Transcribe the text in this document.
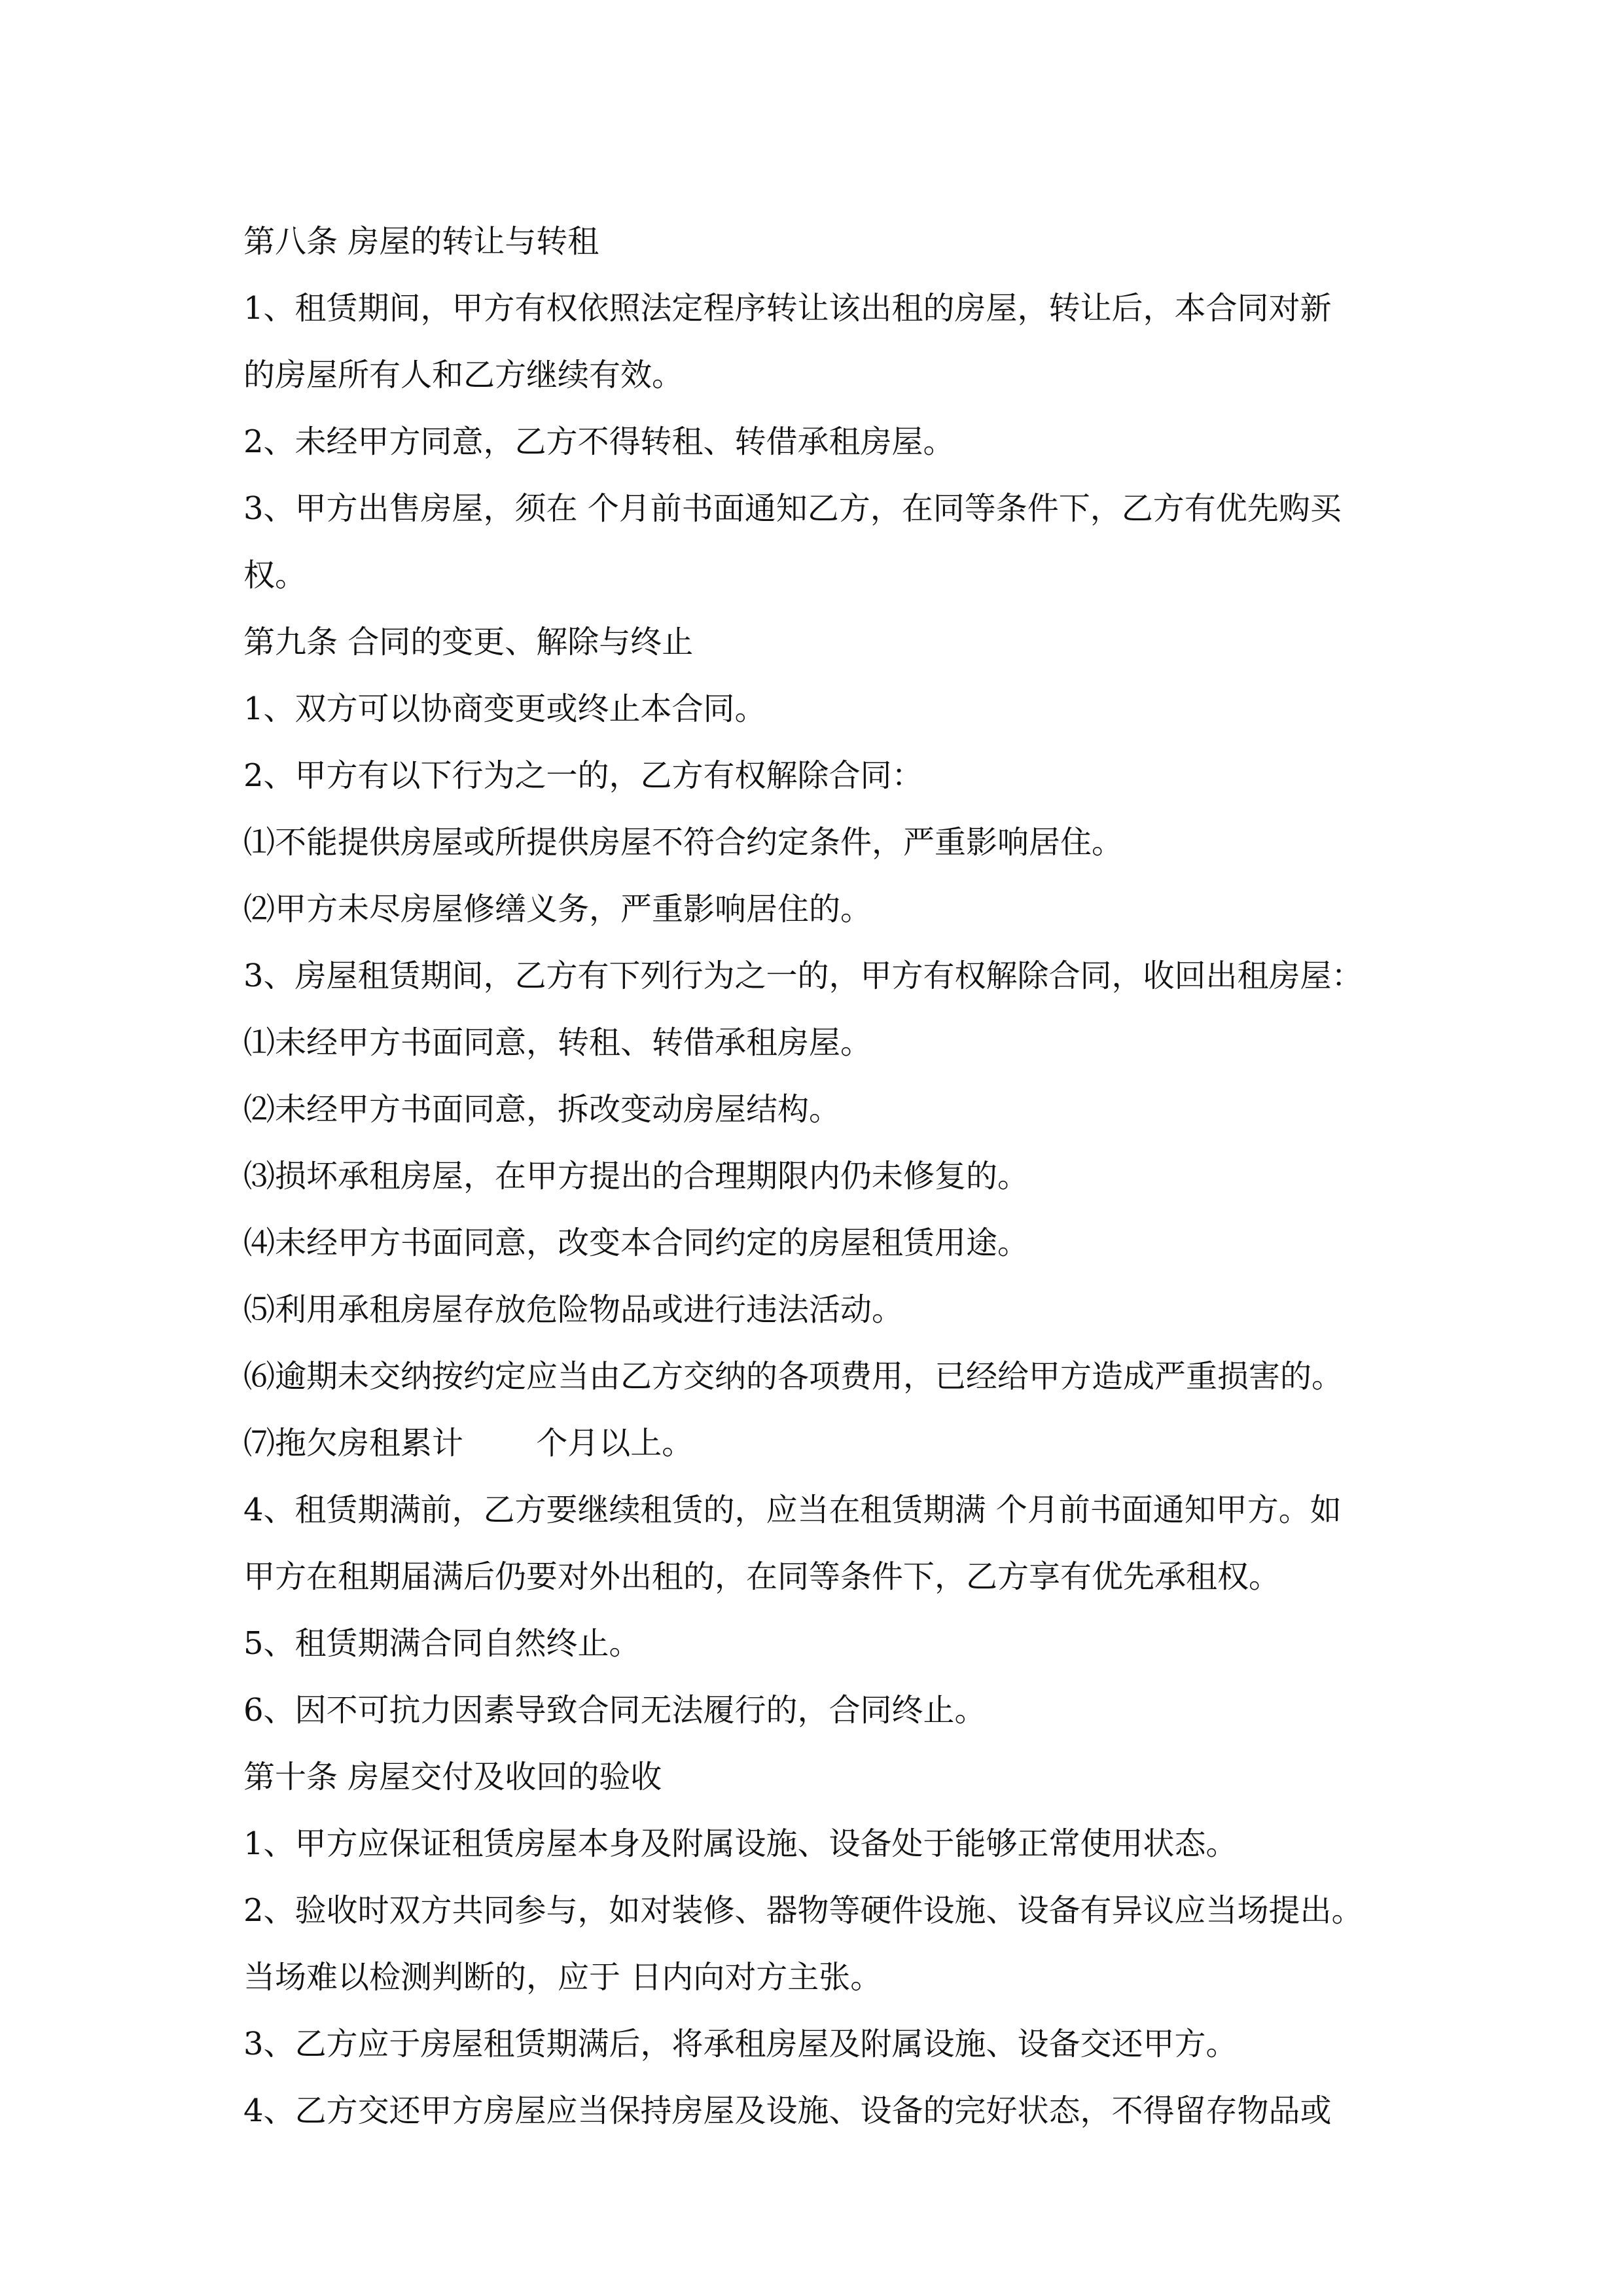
第八条 房屋的转让与转租
1、租赁期间，甲方有权依照法定程序转让该出租的房屋，转让后，本合同对新
的房屋所有人和乙方继续有效。
2、未经甲方同意，乙方不得转租、转借承租房屋。
3、甲方出售房屋，须在 个月前书面通知乙方，在同等条件下，乙方有优先购买
权。
第九条 合同的变更、解除与终止
1、双方可以协商变更或终止本合同。
2、甲方有以下行为之一的，乙方有权解除合同：
⑴不能提供房屋或所提供房屋不符合约定条件，严重影响居住。
⑵甲方未尽房屋修缮义务，严重影响居住的。
3、房屋租赁期间，乙方有下列行为之一的，甲方有权解除合同，收回出租房屋：
⑴未经甲方书面同意，转租、转借承租房屋。
⑵未经甲方书面同意，拆改变动房屋结构。
⑶损坏承租房屋，在甲方提出的合理期限内仍未修复的。
⑷未经甲方书面同意，改变本合同约定的房屋租赁用途。
⑸利用承租房屋存放危险物品或进行违法活动。
⑹逾期未交纳按约定应当由乙方交纳的各项费用，已经给甲方造成严重损害的。
⑺拖欠房租累计　　 个月以上。
4、租赁期满前，乙方要继续租赁的，应当在租赁期满 个月前书面通知甲方。如
甲方在租期届满后仍要对外出租的，在同等条件下，乙方享有优先承租权。
5、租赁期满合同自然终止。
6、因不可抗力因素导致合同无法履行的，合同终止。
第十条 房屋交付及收回的验收
1、甲方应保证租赁房屋本身及附属设施、设备处于能够正常使用状态。
2、验收时双方共同参与，如对装修、器物等硬件设施、设备有异议应当场提出。
当场难以检测判断的，应于 日内向对方主张。
3、乙方应于房屋租赁期满后，将承租房屋及附属设施、设备交还甲方。
4、乙方交还甲方房屋应当保持房屋及设施、设备的完好状态，不得留存物品或
